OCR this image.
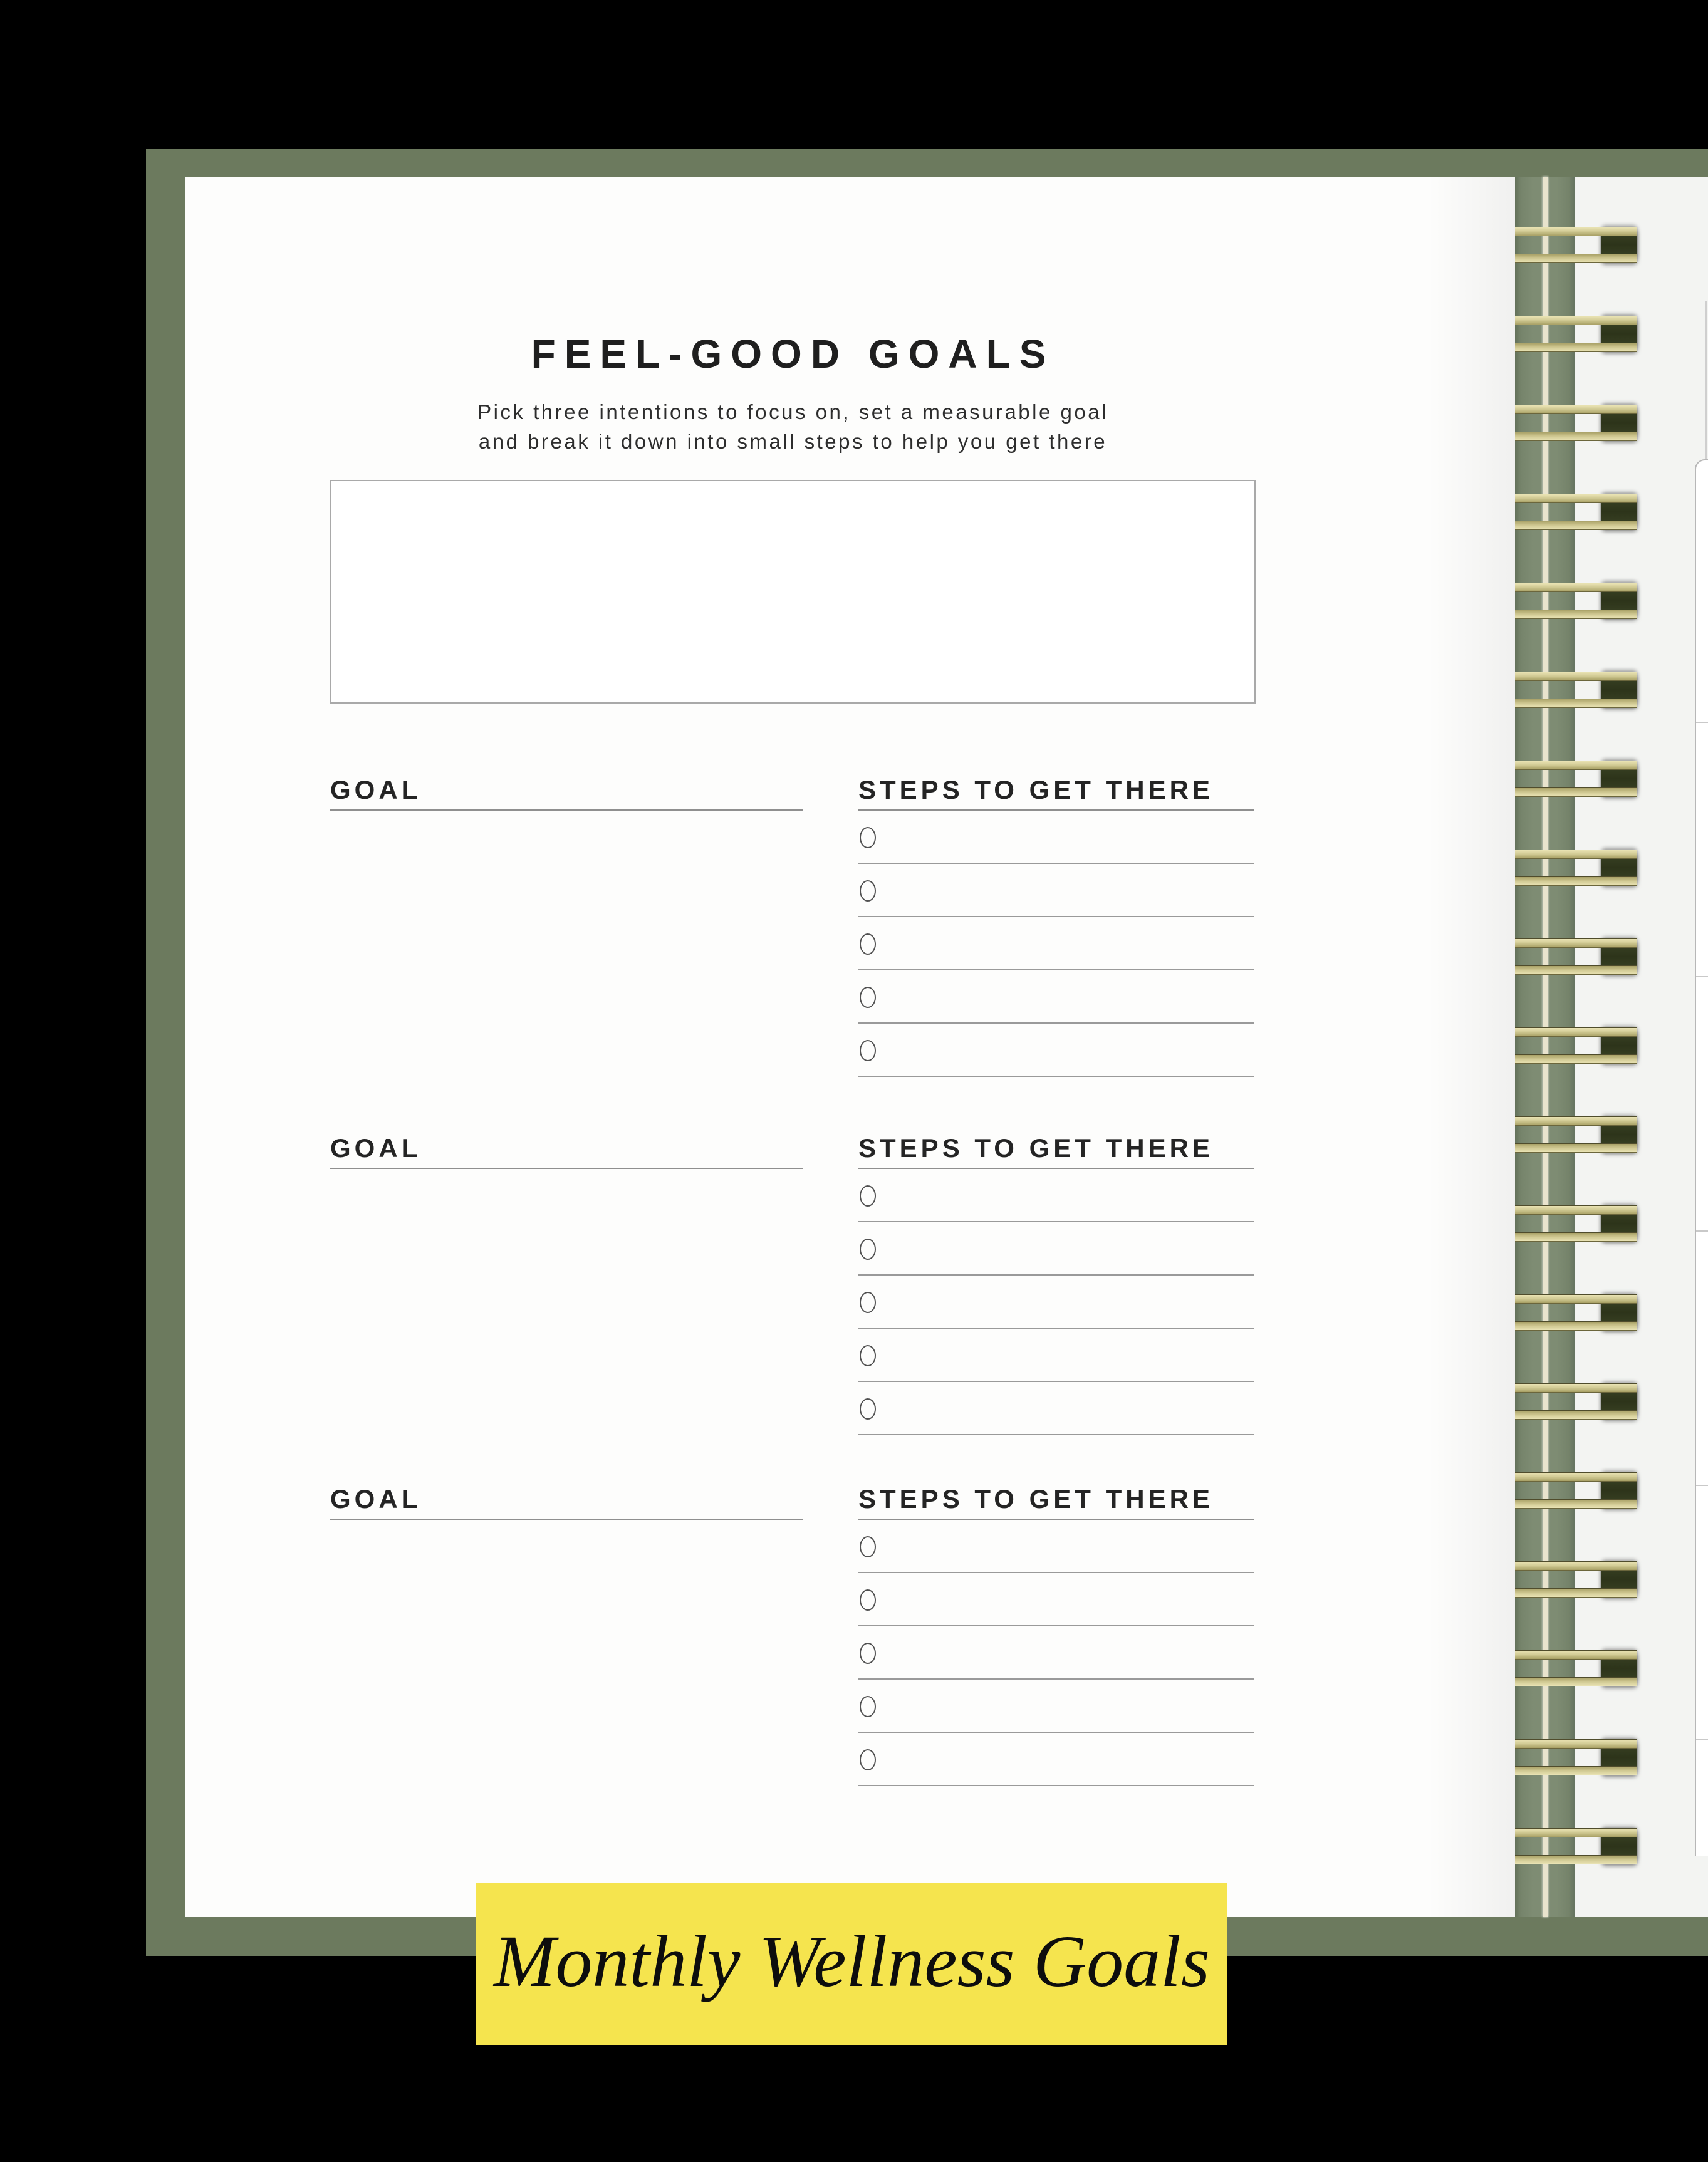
FEEL-GOOD GOALS
Pick three intentions to focus on, set a measurable goal
and break it down into small steps to help you get there
GOAL	STEPS TO GET THERE
GOAL	STEPS TO GET THERE
GOAL	STEPS TO GET THERE
Monthly Wellness Goals
